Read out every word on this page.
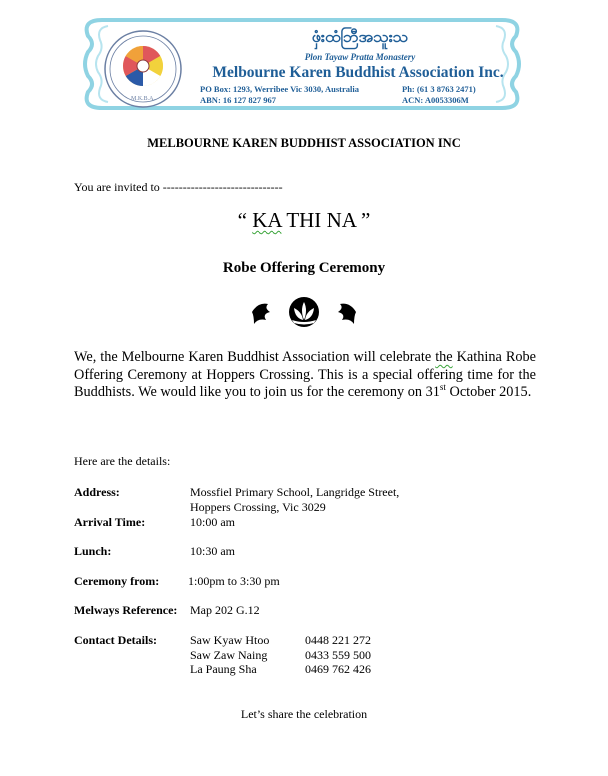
M.K.B.A.
ဖှံးထံဘြီအသူးသ
Plon Tayaw Pratta Monastery
Melbourne Karen Buddhist Association Inc.
PO Box: 1293, Werribee Vic 3030, Australia	Ph: (61 3 8763 2471)
ABN: 16 127 827 967	ACN: A0053306M
MELBOURNE KAREN BUDDHIST ASSOCIATION INC
You are invited to ------------------------------
“ KA THI NA ”
Robe Offering Ceremony
We, the Melbourne Karen Buddhist Association will celebrate the Kathina Robe Offering Ceremony at Hoppers Crossing. This is a special offering time for the Buddhists. We would like you to join us for the ceremony on 31st October 2015.
Here are the details:
Address:	Mossfiel Primary School, Langridge Street,
Hoppers Crossing, Vic 3029
Arrival Time:	10:00 am
Lunch:	10:30 am
Ceremony from: 1:00pm to 3:30 pm
Melways Reference: Map 202 G.12
Contact Details:	Saw Kyaw Htoo	0448 221 272
Saw Zaw Naing	0433 559 500
La Paung Sha	0469 762 426
Let’s share the celebration
